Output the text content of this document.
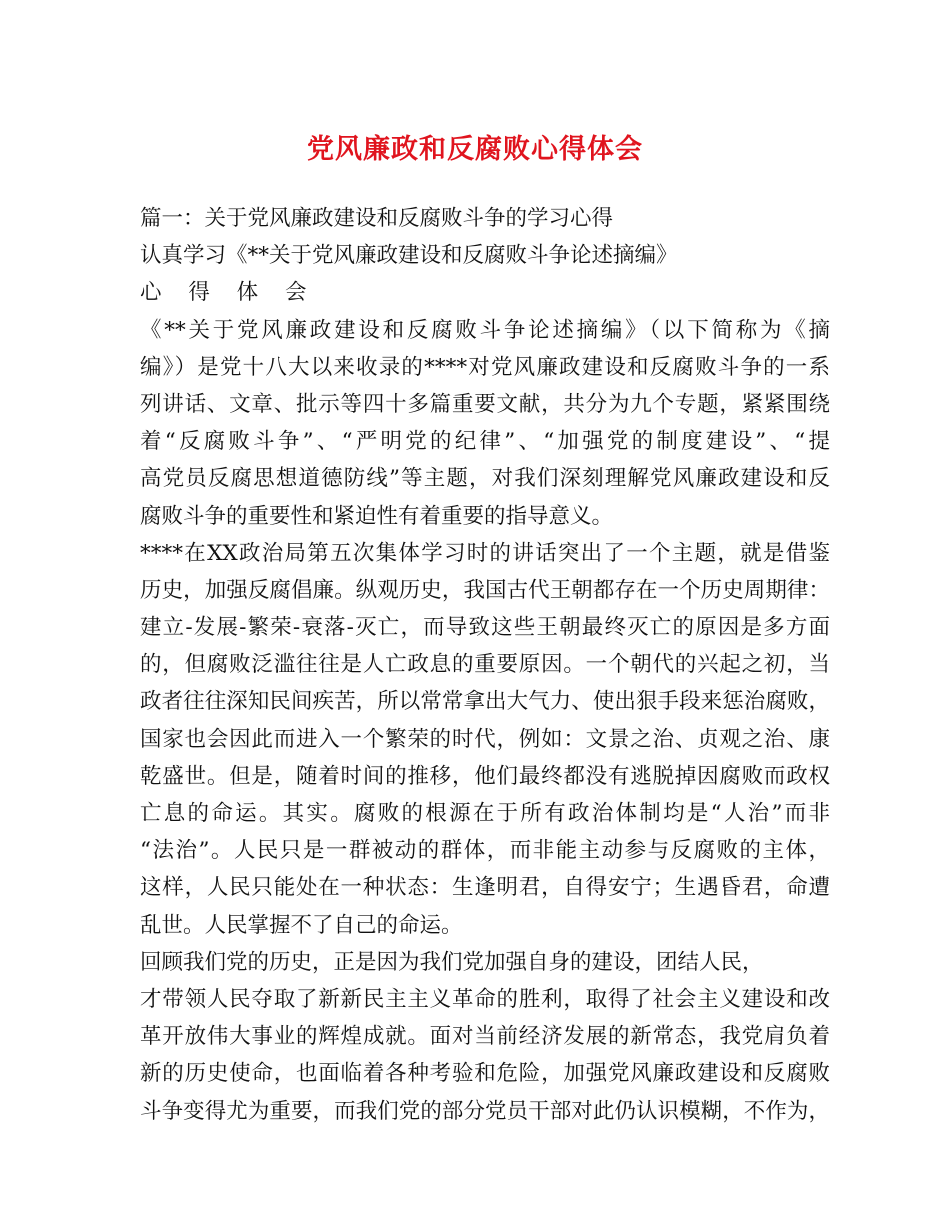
党风廉政和反腐败心得体会
篇一：关于党风廉政建设和反腐败斗争的学习心得
认真学习《**关于党风廉政建设和反腐败斗争论述摘编》
心 得 体 会
《**关于党风廉政建设和反腐败斗争论述摘编》（以下简称为《摘
编》）是党十八大以来收录的****对党风廉政建设和反腐败斗争的一系
列讲话、文章、批示等四十多篇重要文献，共分为九个专题，紧紧围绕
着“反腐败斗争”、“严明党的纪律”、“加强党的制度建设”、“提
高党员反腐思想道德防线”等主题，对我们深刻理解党风廉政建设和反
腐败斗争的重要性和紧迫性有着重要的指导意义。
****在XX政治局第五次集体学习时的讲话突出了一个主题，就是借鉴
历史，加强反腐倡廉。纵观历史，我国古代王朝都存在一个历史周期律：
建立-发展-繁荣-衰落-灭亡，而导致这些王朝最终灭亡的原因是多方面
的，但腐败泛滥往往是人亡政息的重要原因。一个朝代的兴起之初，当
政者往往深知民间疾苦，所以常常拿出大气力、使出狠手段来惩治腐败，
国家也会因此而进入一个繁荣的时代，例如：文景之治、贞观之治、康
乾盛世。但是，随着时间的推移，他们最终都没有逃脱掉因腐败而政权
亡息的命运。其实。腐败的根源在于所有政治体制均是“人治”而非
“法治”。人民只是一群被动的群体，而非能主动参与反腐败的主体，
这样，人民只能处在一种状态：生逢明君，自得安宁；生遇昏君，命遭
乱世。人民掌握不了自己的命运。
回顾我们党的历史，正是因为我们党加强自身的建设，团结人民，
才带领人民夺取了新新民主主义革命的胜利，取得了社会主义建设和改
革开放伟大事业的辉煌成就。面对当前经济发展的新常态，我党肩负着
新的历史使命，也面临着各种考验和危险，加强党风廉政建设和反腐败
斗争变得尤为重要，而我们党的部分党员干部对此仍认识模糊，不作为，
